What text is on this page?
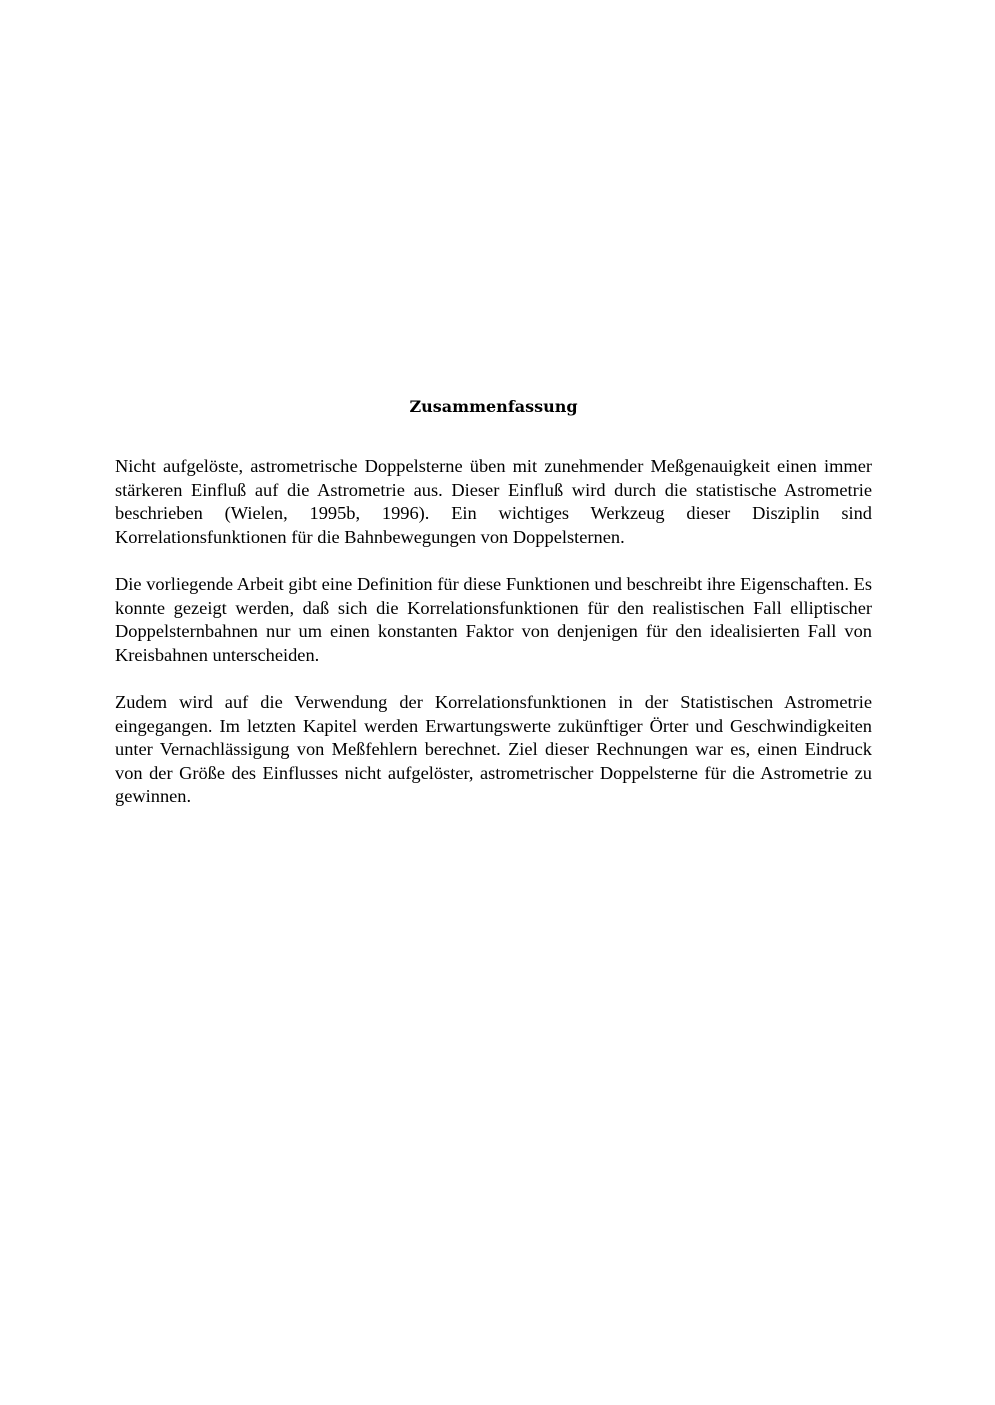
Zusammenfassung

Nicht aufgelöste, astrometrische Doppelsterne üben mit zunehmender Meßgenauigkeit einen immer stärkeren Einfluß auf die Astrometrie aus. Dieser Einfluß wird durch die statistische Astrometrie beschrieben (Wielen, 1995b, 1996). Ein wichtiges Werkzeug dieser Disziplin sind Korrelationsfunktionen für die Bahnbewegungen von Doppelsternen.

Die vorliegende Arbeit gibt eine Definition für diese Funktionen und beschreibt ihre Eigenschaften. Es konnte gezeigt werden, daß sich die Korrelationsfunktionen für den realistischen Fall elliptischer Doppelsternbahnen nur um einen konstanten Faktor von denjenigen für den idealisierten Fall von Kreisbahnen unterscheiden.

Zudem wird auf die Verwendung der Korrelationsfunktionen in der Statistischen Astrometrie eingegangen. Im letzten Kapitel werden Erwartungswerte zukünftiger Örter und Geschwindigkeiten unter Vernachlässigung von Meßfehlern berechnet. Ziel dieser Rechnungen war es, einen Eindruck von der Größe des Einflusses nicht aufgelöster, astrometrischer Doppelsterne für die Astrometrie zu gewinnen.
